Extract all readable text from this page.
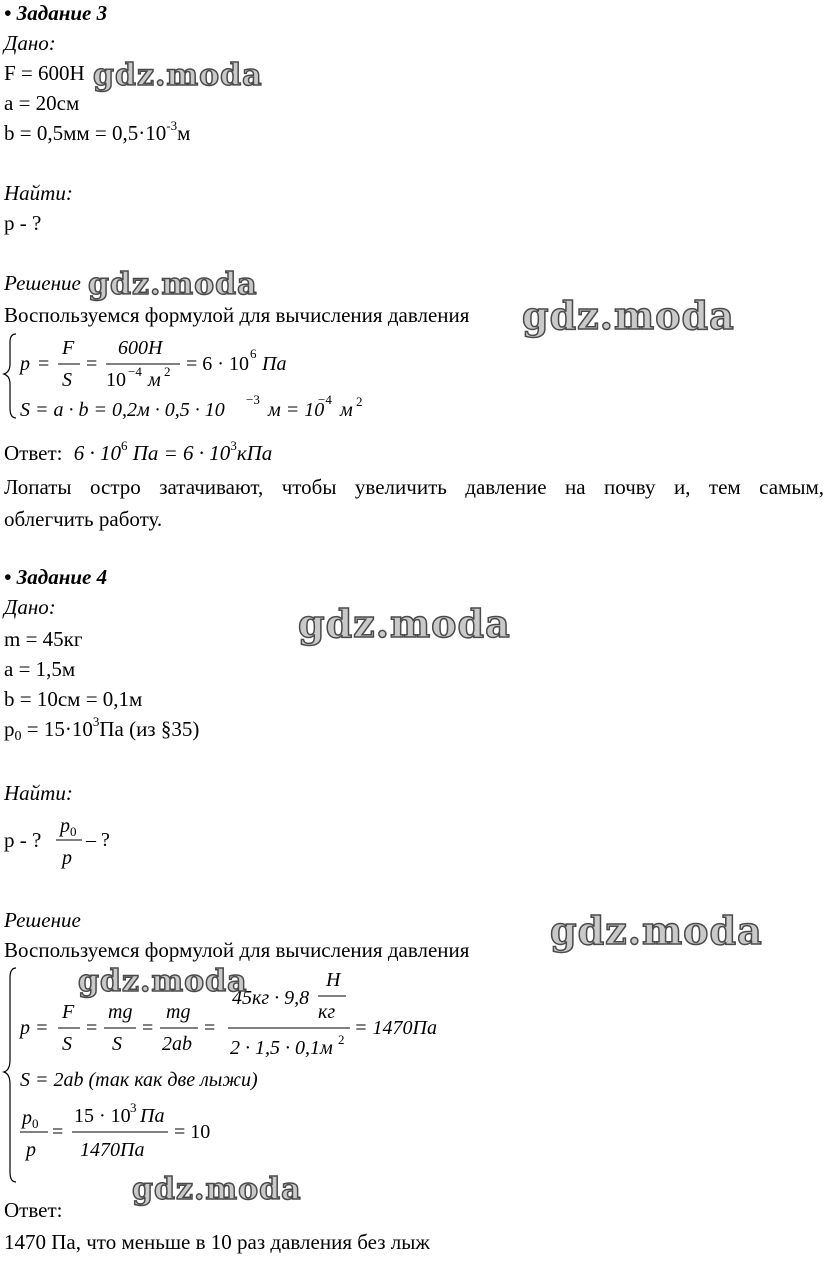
• Задание 3
Дано:
F = 600Н
a = 20см
$b = 0,5мм = 0,5\cdot 10^{-3}м$
Найти:
p - ?
Решение
Воспользуемся формулой для вычисления давления
p =
F
S
=
600Н
10 −4 м 2 = 6 · 10 6 Па
S = a · b = 0,2м · 0,5 · 10 −3 м = 10
−4 м 2
Ответ: $6 \cdot 10^6$ Па = $6 \cdot 10^3кПа$
Лопаты остро затачивают, чтобы увеличить давление на почву и, тем самым,
облегчить работу.
• Задание 4
Дано:
m = 45кг
a = 1,5м
b = 10см = 0,1м
$p_0 = 15\cdot 10^3Па$ (из §35)
Найти:
p - ?
p 0
p
– ?
Решение
Воспользуемся формулой для вычисления давления
p =
F
S
=
mg
S
=
mg
2ab
=
45кг · 9,8
Н
кг
2 · 1,5 · 0,1м 2
= 1470Па
S = 2ab (так как две лыжи)
p 0
p
=
15 · 10 3 Па
1470Па
= 10
Ответ:
1470 Па, что меньше в 10 раз давления без лыж
gdz.moda
gdz.moda
gdz.moda
gdz.moda
gdz.moda
gdz.moda
gdz.moda
